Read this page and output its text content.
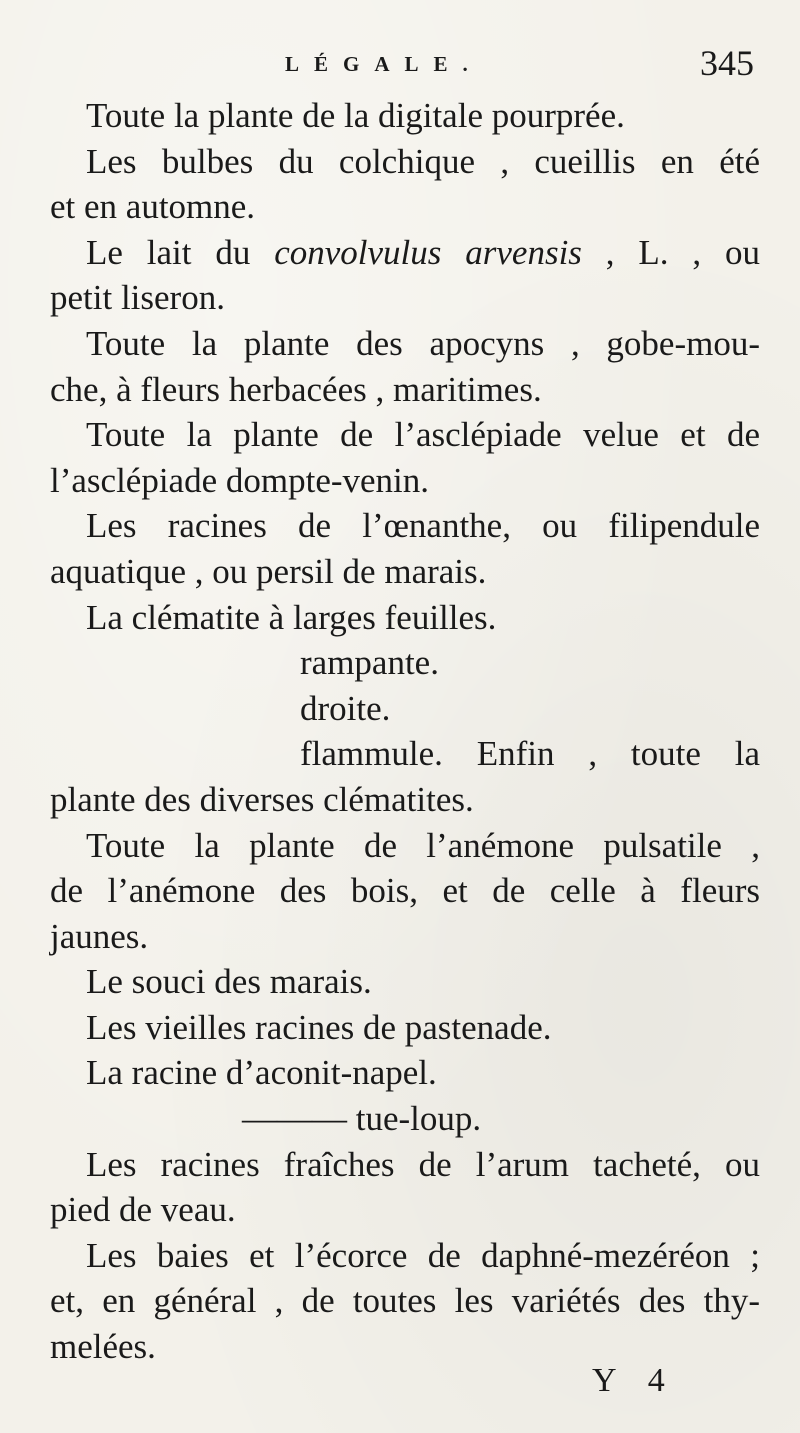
LÉGALE.	345
Toute la plante de la digitale pourprée.
Les bulbes du colchique , cueillis en été
et en automne.
Le lait du convolvulus arvensis , L. , ou
petit liseron.
Toute la plante des apocyns , gobe-mou-
che, à fleurs herbacées , maritimes.
Toute la plante de l’asclépiade velue et de
l’asclépiade dompte-venin.
Les racines de l’œnanthe, ou filipendule
aquatique , ou persil de marais.
La clématite à larges feuilles.
rampante.
droite.
flammule. Enfin , toute la
plante des diverses clématites.
Toute la plante de l’anémone pulsatile ,
de l’anémone des bois, et de celle à fleurs
jaunes.
Le souci des marais.
Les vieilles racines de pastenade.
La racine d’aconit-napel.
——— tue-loup.
Les racines fraîches de l’arum tacheté, ou
pied de veau.
Les baies et l’écorce de daphné-mezéréon ;
et, en général , de toutes les variétés des thy-
melées.
Y 4
